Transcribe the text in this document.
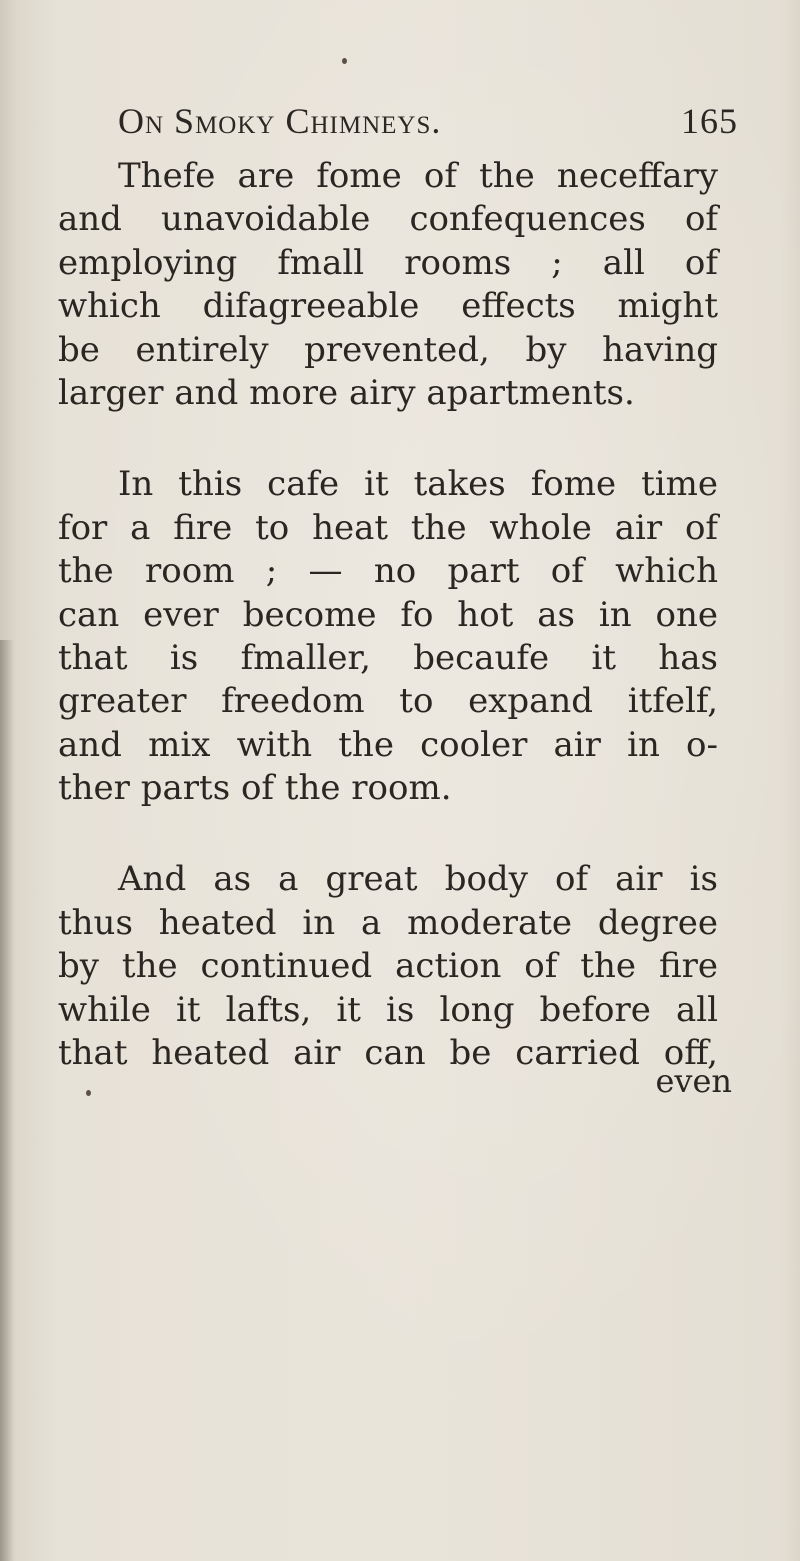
On Smoky Chimneys.	165
Thefe are fome of the neceffary
and unavoidable confequences of
employing fmall rooms ; all of
which difagreeable effects might
be entirely prevented, by having
larger and more airy apartments.
In this cafe it takes fome time
for a fire to heat the whole air of
the room ; — no part of which
can ever become fo hot as in one
that is fmaller, becaufe it has
greater freedom to expand itfelf,
and mix with the cooler air in o-
ther parts of the room.
And as a great body of air is
thus heated in a moderate degree
by the continued action of the fire
while it lafts, it is long before all
that heated air can be carried off,
even
